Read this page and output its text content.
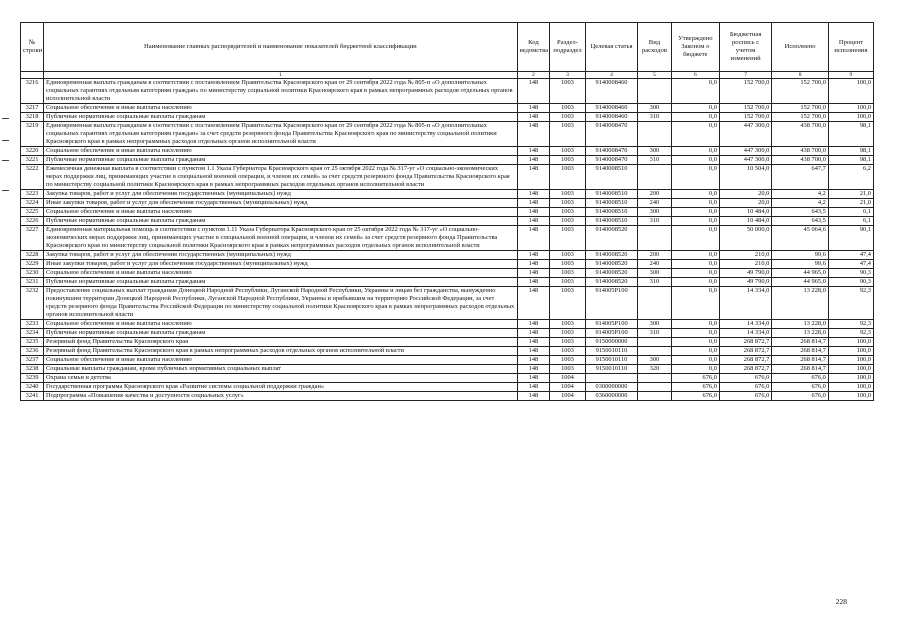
№ строки	Наименование главных распорядителей и наименование показателей бюджетной классификации	Код ведомства	Раздел-подраздел	Целевая статья	Вид расходов	Утверждено Законом о бюджете	Бюджетная роспись с учетом изменений	Исполнено	Процент исполнения
	1	2	3	4	5	6	7	8	9
3216	Единовременная выплата гражданам в соответствии с постановлением Правительства Красноярского края от 29 сентября 2022 года № 805-п «О дополнительных социальных гарантиях отдельным категориям граждан» по министерству социальной политики Красноярского края в рамках непрограммных расходов отдельных органов исполнительной власти	148	1003	9140008460		0,0	152 700,0	152 700,0	100,0
3217	Социальное обеспечение и иные выплаты населению	148	1003	9140008460	300	0,0	152 700,0	152 700,0	100,0
3218	Публичные нормативные социальные выплаты гражданам	148	1003	9140008460	310	0,0	152 700,0	152 700,0	100,0
3219	Единовременная выплата гражданам в соответствии с постановлением Правительства Красноярского края от 29 сентября 2022 года № 805-п «О дополнительных социальных гарантиях отдельным категориям граждан» за счет средств резервного фонда Правительства Красноярского края по министерству социальной политики Красноярского края в рамках непрограммных расходов отдельных органов исполнительной власти	148	1003	9140008470		0,0	447 300,0	438 700,0	98,1
3220	Социальное обеспечение и иные выплаты населению	148	1003	9140008470	300	0,0	447 300,0	438 700,0	98,1
3221	Публичные нормативные социальные выплаты гражданам	148	1003	9140008470	310	0,0	447 300,0	438 700,0	98,1
3222	Ежемесячная денежная выплата в соответствии с пунктом 1.1 Указа Губернатора Красноярского края от 25 октября 2022 года № 317-уг «О социально-экономических мерах поддержки лиц, принимающих участие в специальной военной операции, и членов их семей» за счет средств резервного фонда Правительства Красноярского края по министерству социальной политики Красноярского края в рамках непрограммных расходов отдельных органов исполнительной власти	148	1003	9140008510		0,0	10 504,0	647,7	6,2
3223	Закупка товаров, работ и услуг для обеспечения государственных (муниципальных) нужд	148	1003	9140008510	200	0,0	20,0	4,2	21,0
3224	Иные закупки товаров, работ и услуг для обеспечения государственных (муниципальных) нужд	148	1003	9140008510	240	0,0	20,0	4,2	21,0
3225	Социальное обеспечение и иные выплаты населению	148	1003	9140008510	300	0,0	10 484,0	643,5	6,1
3226	Публичные нормативные социальные выплаты гражданам	148	1003	9140008510	310	0,0	10 484,0	643,5	6,1
3227	Единовременная материальная помощь в соответствии с пунктом 1.11 Указа Губернатора Красноярского края от 25 октября 2022 года № 317-уг «О социально-экономических мерах поддержки лиц, принимающих участие в специальной военной операции, и членов их семей» за счет средств резервного фонда Правительства Красноярского края по министерству социальной политики Красноярского края в рамках непрограммных расходов отдельных органов исполнительной власти	148	1003	9140008520		0,0	50 000,0	45 064,6	90,1
3228	Закупка товаров, работ и услуг для обеспечения государственных (муниципальных) нужд	148	1003	9140008520	200	0,0	210,0	99,6	47,4
3229	Иные закупки товаров, работ и услуг для обеспечения государственных (муниципальных) нужд	148	1003	9140008520	240	0,0	210,0	99,6	47,4
3230	Социальное обеспечение и иные выплаты населению	148	1003	9140008520	300	0,0	49 790,0	44 965,0	90,3
3231	Публичные нормативные социальные выплаты гражданам	148	1003	9140008520	310	0,0	49 790,0	44 965,0	90,3
3232	Предоставление социальных выплат гражданам Донецкой Народной Республики, Луганской Народной Республики, Украины и лицам без гражданства, вынужденно покинувшим территории Донецкой Народной Республики, Луганской Народной Республики, Украины и прибывшим на территорию Российской Федерации, за счет средств резервного фонда Правительства Российской Федерации по министерству социальной политики Красноярского края в рамках непрограммных расходов отдельных органов исполнительной власти	148	1003	914005Р100		0,0	14 334,0	13 228,0	92,3
3233	Социальное обеспечение и иные выплаты населению	148	1003	914005Р100	300	0,0	14 334,0	13 228,0	92,3
3234	Публичные нормативные социальные выплаты гражданам	148	1003	914005Р100	310	0,0	14 334,0	13 228,0	92,3
3235	Резервный фонд Правительства Красноярского края	148	1003	9150000000		0,0	268 872,7	268 814,7	100,0
3236	Резервный фонд Правительства Красноярского края в рамках непрограммных расходов отдельных органов исполнительной власти	148	1003	9150010110		0,0	268 872,7	268 814,7	100,0
3237	Социальное обеспечение и иные выплаты населению	148	1003	9150010110	300	0,0	268 872,7	268 814,7	100,0
3238	Социальные выплаты гражданам, кроме публичных нормативных социальных выплат	148	1003	9150010110	320	0,0	268 872,7	268 814,7	100,0
3239	Охрана семьи и детства	148	1004			676,0	676,0	676,0	100,0
3240	Государственная программа Красноярского края «Развитие системы социальной поддержки граждан»	148	1004	0300000000		676,0	676,0	676,0	100,0
3241	Подпрограмма «Повышение качества и доступности социальных услуг»	148	1004	0360000000		676,0	676,0	676,0	100,0
228
